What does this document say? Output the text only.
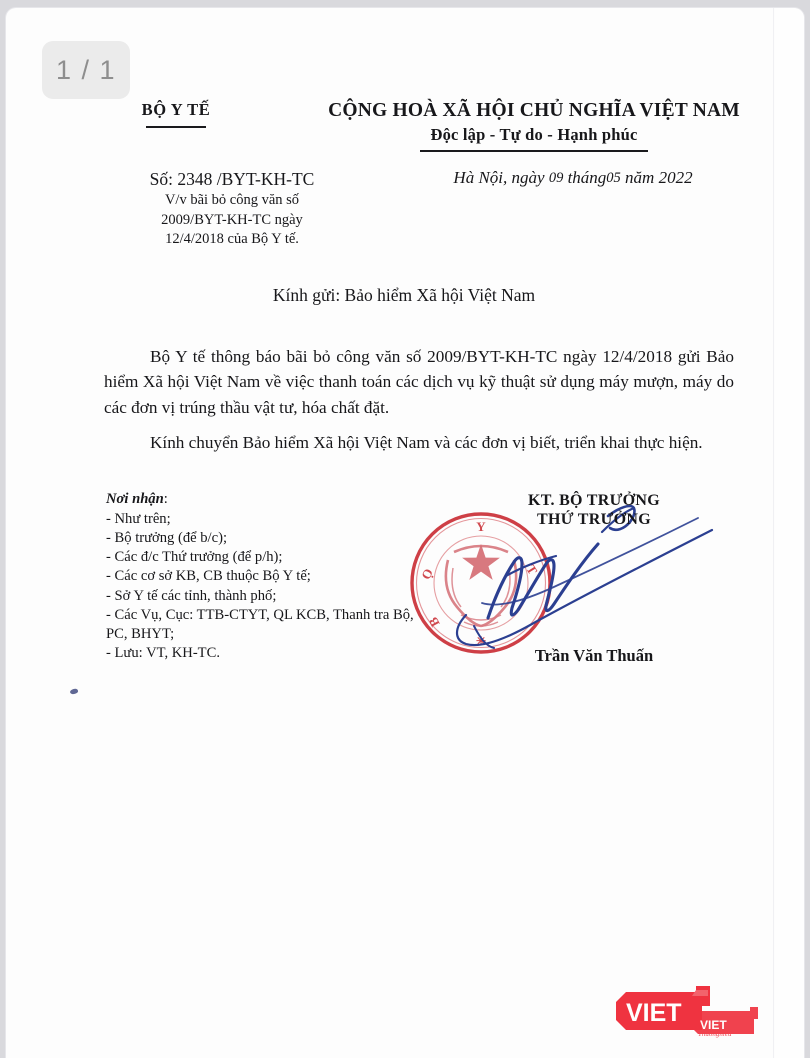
BỘ Y TẾ	CỘNG HOÀ XÃ HỘI CHỦ NGHĨA VIỆT NAM
Độc lập - Tự do - Hạnh phúc
Số: 2348 /BYT-KH-TC
V/v bãi bỏ công văn số
2009/BYT-KH-TC ngày
12/4/2018 của Bộ Y tế.
Hà Nội, ngày 09 tháng05 năm 2022
Kính gửi: Bảo hiểm Xã hội Việt Nam

Bộ Y tế thông báo bãi bỏ công văn số 2009/BYT-KH-TC ngày 12/4/2018 gửi Bảo hiểm Xã hội Việt Nam về việc thanh toán các dịch vụ kỹ thuật sử dụng máy mượn, máy do các đơn vị trúng thầu vật tư, hóa chất đặt.

Kính chuyển Bảo hiểm Xã hội Việt Nam và các đơn vị biết, triển khai thực hiện.

Nơi nhận:
- Như trên;
- Bộ trưởng (để b/c);
- Các đ/c Thứ trưởng (để p/h);
- Các cơ sở KB, CB thuộc Bộ Y tế;
- Sở Y tế các tỉnh, thành phố;
- Các Vụ, Cục: TTB-CTYT, QL KCB, Thanh tra Bộ, PC, BHYT;
- Lưu: VT, KH-TC.
Y
T
Ọ
B
✳
KT. BỘ TRƯỞNG
THỨ TRƯỞNG
Trần Văn Thuấn
VIET VIET
Thuonghieu
1 / 1
